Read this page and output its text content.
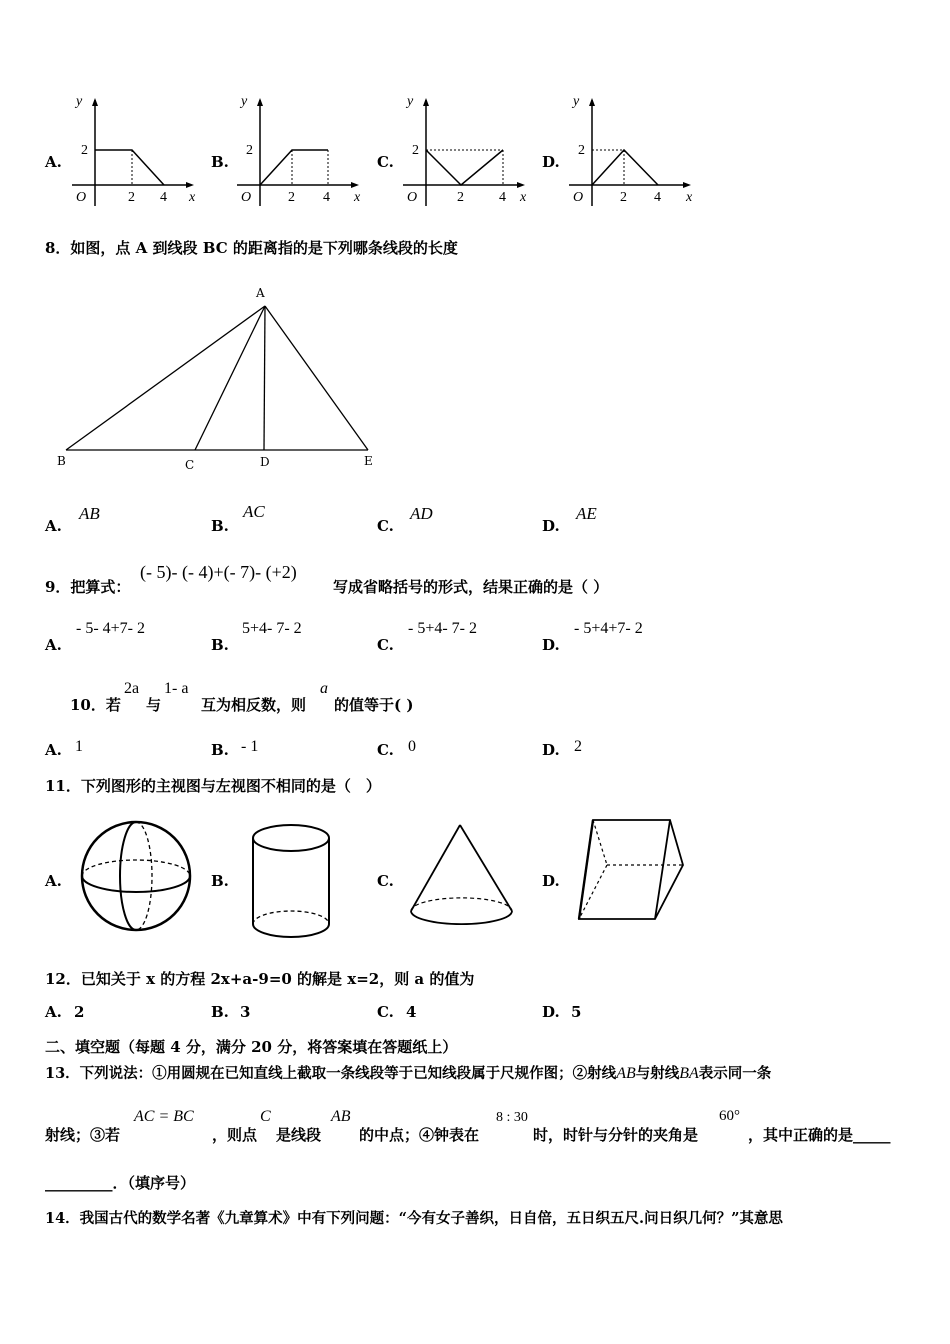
A.	B.	C.	D.
y
2
O	2 4 x
y
2
O	2 4 x
y
2
O	2	4 x
y
2
O	2 4 x
8．如图，点 A 到线段 BC 的距离指的是下列哪条线段的长度
A
B	C	D	E
A.
AB
B.
AC
C.
AD
D.
AE
9．把算式：
(- 5)- (- 4)+(- 7)- (+2)
写成省略括号的形式，结果正确的是（ ）
A.
- 5- 4+7- 2
B.
5+4- 7- 2
C.
- 5+4- 7- 2
D.
- 5+4+7- 2
10．若
2a
与
1- a
互为相反数，则
a
的值等于( )
A. 1	B. - 1	C. 0	D. 2
11．下列图形的主视图与左视图不相同的是（　）
A.	B.	C.	D.
12．已知关于 x 的方程 2x+a-9=0 的解是 x=2，则 a 的值为
A. 2	B. 3	C. 4	D. 5
二、填空题（每题 4 分，满分 20 分，将答案填在答题纸上）
13．下列说法：①用圆规在已知直线上截取一条线段等于已知线段属于尺规作图；②射线AB与射线BA表示同一条
射线；③若
AC = BC
，则点
C
是线段
AB
的中点；④钟表在
8 : 30
时，时针与分针的夹角是
60°
，其中正确的是_____
_________．（填序号）
14．我国古代的数学名著《九章算术》中有下列问题：“今有女子善织，日自倍，五日织五尺.问日织几何？”其意思
